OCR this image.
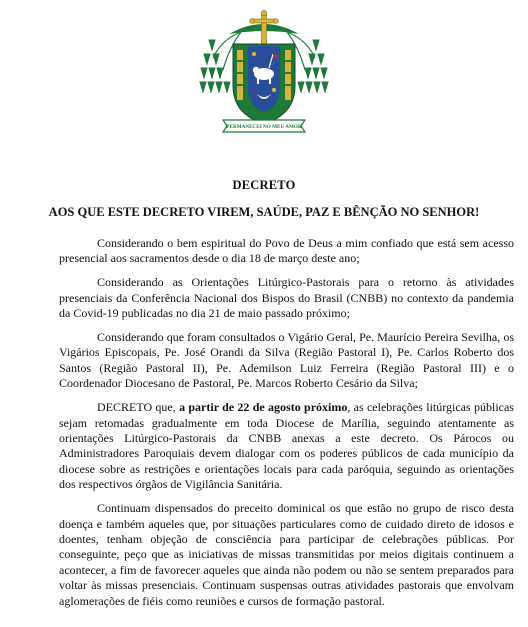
PERMANECEI NO MEU AMOR
DECRETO
AOS QUE ESTE DECRETO VIREM, SAÚDE, PAZ E BÊNÇÃO NO SENHOR!

Considerando o bem espiritual do Povo de Deus a mim confiado que está sem acesso presencial aos sacramentos desde o dia 18 de março deste ano;

Considerando as Orientações Litúrgico-Pastorais para o retorno às atividades presenciais da Conferência Nacional dos Bispos do Brasil (CNBB) no contexto da pandemia da Covid-19 publicadas no dia 21 de maio passado próximo;

Considerando que foram consultados o Vigário Geral, Pe. Maurício Pereira Sevilha, os Vigários Episcopais, Pe. José Orandi da Silva (Região Pastoral I), Pe. Carlos Roberto dos Santos (Região Pastoral II), Pe. Ademilson Luiz Ferreira (Região Pastoral III) e o Coordenador Diocesano de Pastoral, Pe. Marcos Roberto Cesário da Silva;

DECRETO que, a partir de 22 de agosto próximo, as celebrações litúrgicas públicas sejam retomadas gradualmente em toda Diocese de Marília, seguindo atentamente as orientações Litúrgico-Pastorais da CNBB anexas a este decreto. Os Párocos ou Administradores Paroquiais devem dialogar com os poderes públicos de cada município da diocese sobre as restrições e orientações locais para cada paróquia, seguindo as orientações dos respectivos órgãos de Vigilância Sanitária.

Continuam dispensados do preceito dominical os que estão no grupo de risco desta doença e também aqueles que, por situações particulares como de cuidado direto de idosos e doentes, tenham objeção de consciência para participar de celebrações públicas. Por conseguinte, peço que as iniciativas de missas transmitidas por meios digitais continuem a acontecer, a fim de favorecer aqueles que ainda não podem ou não se sentem preparados para voltar às missas presenciais. Continuam suspensas outras atividades pastorais que envolvam aglomerações de fiéis como reuniões e cursos de formação pastoral.
